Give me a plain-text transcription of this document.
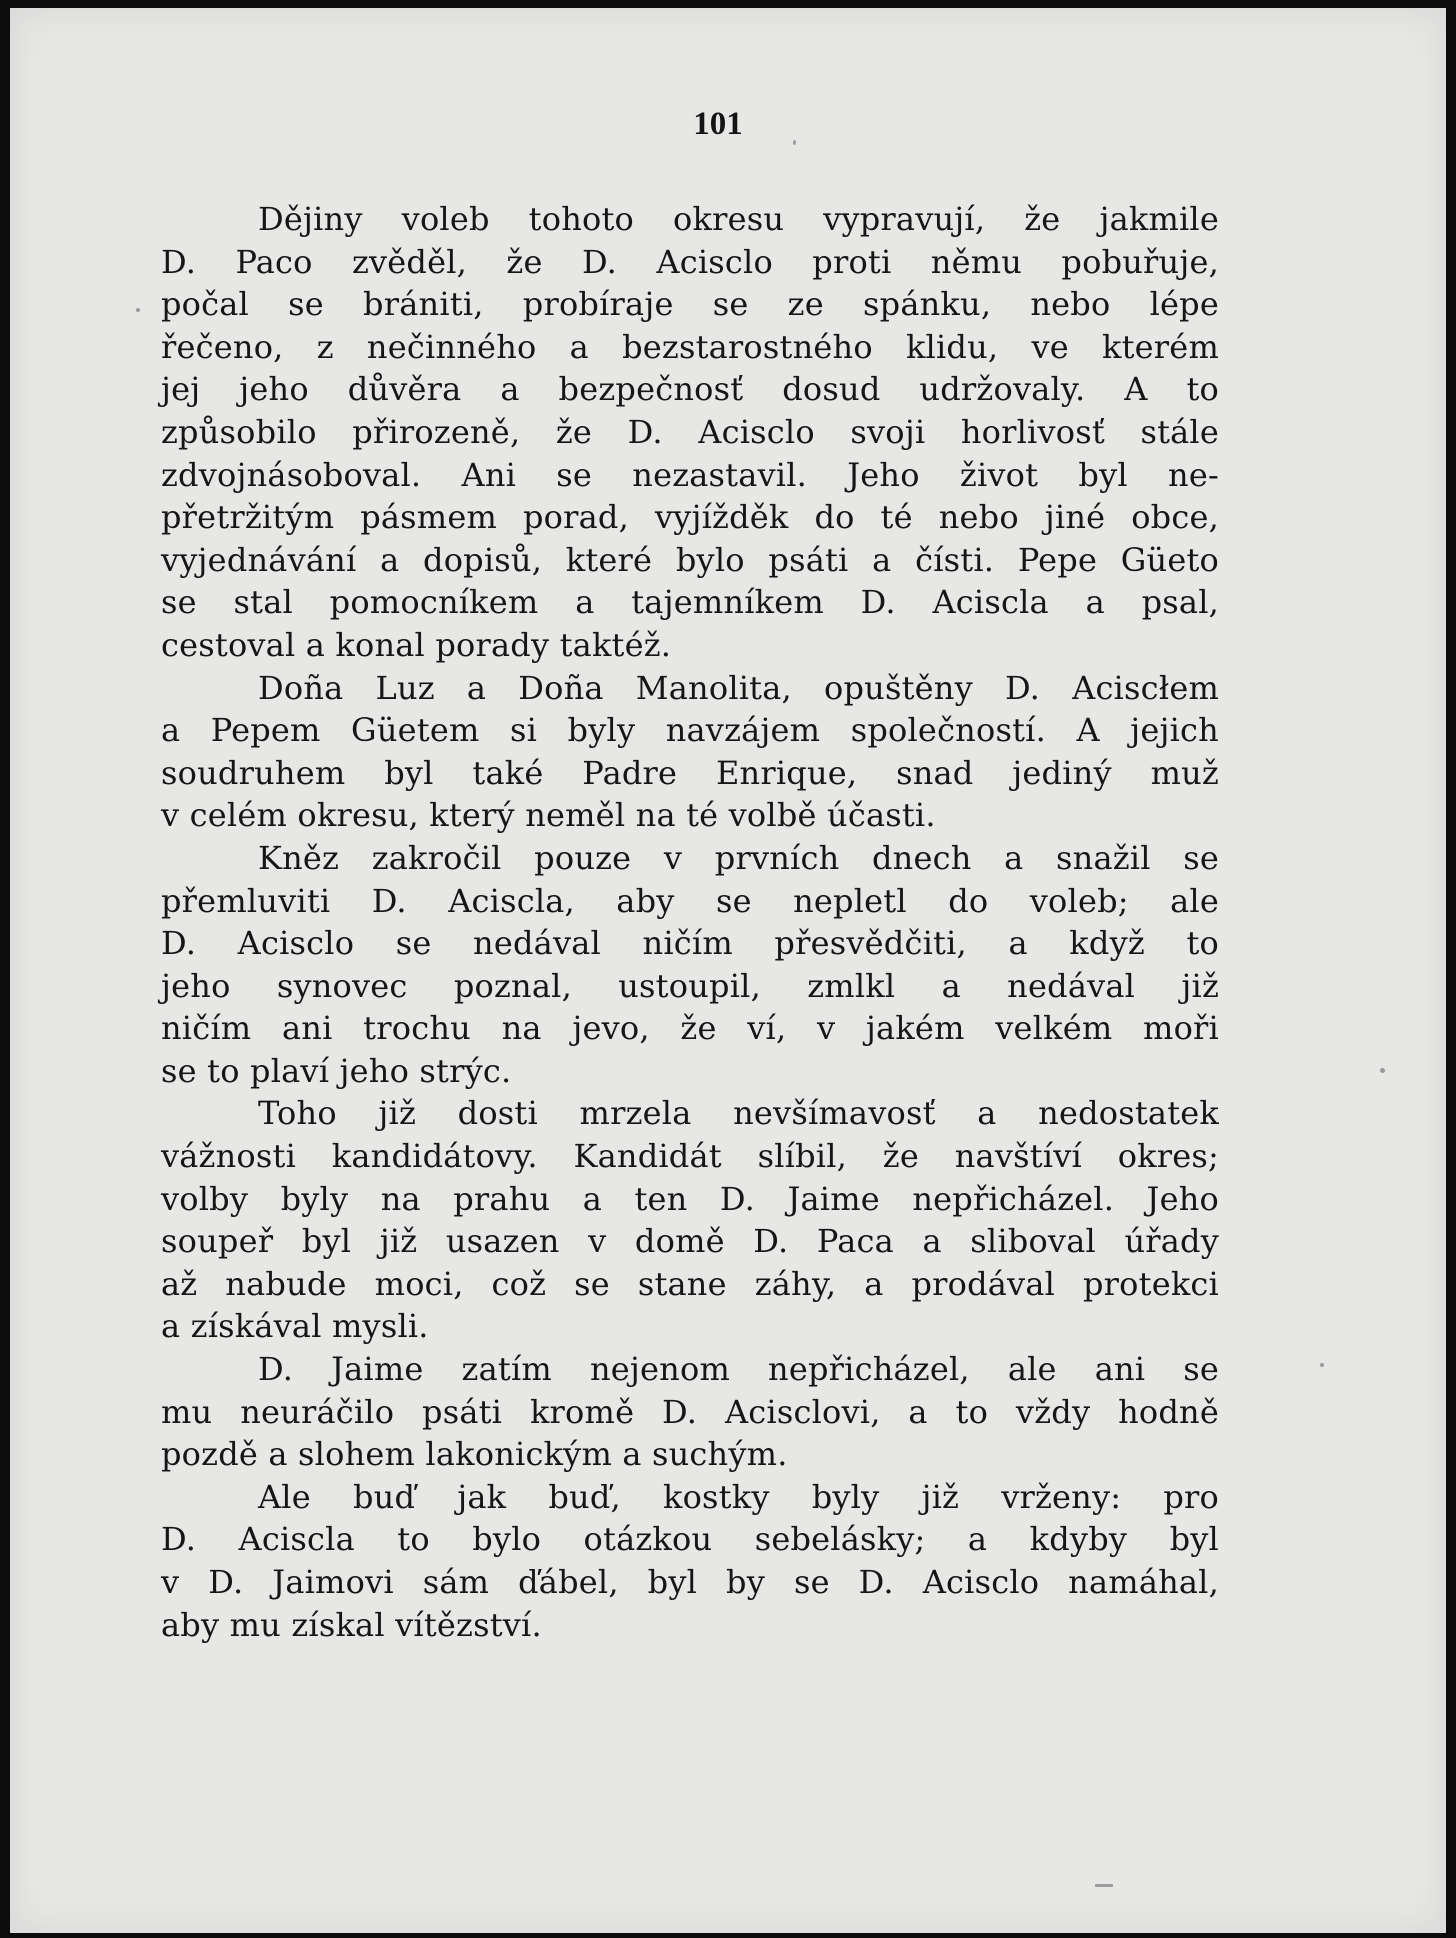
101
Dějiny voleb tohoto okresu vypravují, že jakmile
D. Paco zvěděl, že D. Acisclo proti němu pobuřuje,
počal se brániti, probíraje se ze spánku, nebo lépe
řečeno, z nečinného a bezstarostného klidu, ve kterém
jej jeho důvěra a bezpečnosť dosud udržovaly. A to
způsobilo přirozeně, že D. Acisclo svoji horlivosť stále
zdvojnásoboval. Ani se nezastavil. Jeho život byl ne-
přetržitým pásmem porad, vyjížděk do té nebo jiné obce,
vyjednávání a dopisů, které bylo psáti a čísti. Pepe Güeto
se stal pomocníkem a tajemníkem D. Aciscla a psal,
cestoval a konal porady taktéž.
Doña Luz a Doña Manolita, opuštěny D. Aciscłem
a Pepem Güetem si byly navzájem společností. A jejich
soudruhem byl také Padre Enrique, snad jediný muž
v celém okresu, který neměl na té volbě účasti.
Kněz zakročil pouze v prvních dnech a snažil se
přemluviti D. Aciscla, aby se nepletl do voleb; ale
D. Acisclo se nedával ničím přesvědčiti, a když to
jeho synovec poznal, ustoupil, zmlkl a nedával již
ničím ani trochu na jevo, že ví, v jakém velkém moři
se to plaví jeho strýc.
Toho již dosti mrzela nevšímavosť a nedostatek
vážnosti kandidátovy. Kandidát slíbil, že navštíví okres;
volby byly na prahu a ten D. Jaime nepřicházel. Jeho
soupeř byl již usazen v domě D. Paca a sliboval úřady
až nabude moci, což se stane záhy, a prodával protekci
a získával mysli.
D. Jaime zatím nejenom nepřicházel, ale ani se
mu neuráčilo psáti kromě D. Acisclovi, a to vždy hodně
pozdě a slohem lakonickým a suchým.
Ale buď jak buď, kostky byly již vrženy: pro
D. Aciscla to bylo otázkou sebelásky; a kdyby byl
v D. Jaimovi sám ďábel, byl by se D. Acisclo namáhal,
aby mu získal vítězství.
